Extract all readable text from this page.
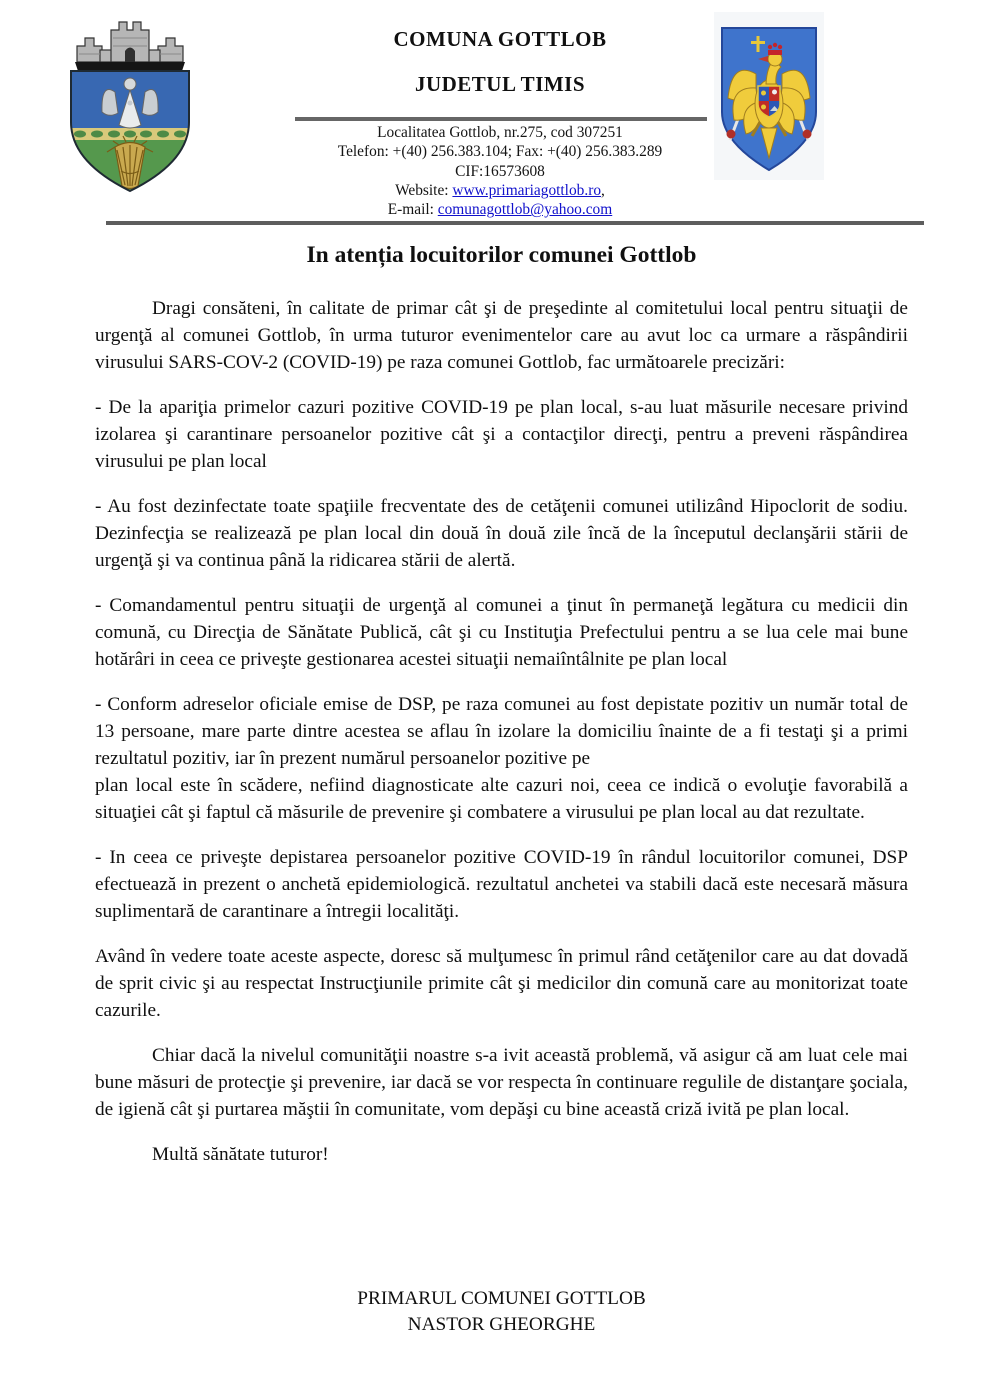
COMUNA GOTTLOB
JUDETUL TIMIS
Localitatea Gottlob, nr.275, cod 307251
Telefon: +(40) 256.383.104; Fax: +(40) 256.383.289
CIF:16573608
Website: www.primariagottlob.ro,
E-mail: comunagottlob@yahoo.com
In atenția locuitorilor comunei Gottlob

Dragi consăteni, în calitate de primar cât şi de preşedinte al comitetului local pentru situaţii de urgenţă al comunei Gottlob, în urma tuturor evenimentelor care au avut loc ca urmare a răspândirii virusului SARS-COV-2 (COVID-19) pe raza comunei Gottlob, fac următoarele precizări:

- De la apariţia primelor cazuri pozitive COVID-19 pe plan local, s-au luat măsurile necesare privind izolarea şi carantinare persoanelor pozitive cât şi a contacţilor direcţi, pentru a preveni răspândirea virusului pe plan local

- Au fost dezinfectate toate spaţiile frecventate des de cetăţenii comunei utilizând Hipoclorit de sodiu. Dezinfecţia se realizează pe plan local din două în două zile încă de la începutul declanşării stării de urgenţă şi va continua până la ridicarea stării de alertă.

- Comandamentul pentru situaţii de urgenţă al comunei a ţinut în permaneţă legătura cu medicii din comună, cu Direcţia de Sănătate Publică, cât şi cu Instituţia Prefectului pentru a se lua cele mai bune hotărâri in ceea ce priveşte gestionarea acestei situaţii nemaiîntâlnite pe plan local

- Conform adreselor oficiale emise de DSP, pe raza comunei au fost depistate pozitiv un număr total de 13 persoane, mare parte dintre acestea se aflau în izolare la domiciliu înainte de a fi testaţi şi a primi rezultatul pozitiv, iar în prezent numărul persoanelor pozitive pe
plan local este în scădere, nefiind diagnosticate alte cazuri noi, ceea ce indică o evoluţie favorabilă a situaţiei cât şi faptul că măsurile de prevenire şi combatere a virusului pe plan local au dat rezultate.

- In ceea ce priveşte depistarea persoanelor pozitive COVID-19 în rândul locuitorilor comunei, DSP efectuează in prezent o anchetă epidemiologică. rezultatul anchetei va stabili dacă este necesară măsura suplimentară de carantinare a întregii localităţi.

Având în vedere toate aceste aspecte, doresc să mulţumesc în primul rând cetăţenilor care au dat dovadă de sprit civic şi au respectat Instrucţiunile primite cât şi medicilor din comună care au monitorizat toate cazurile.

Chiar dacă la nivelul comunităţii noastre s-a ivit această problemă, vă asigur că am luat cele mai bune măsuri de protecţie şi prevenire, iar dacă se vor respecta în continuare regulile de distanţare şociala, de igienă cât şi purtarea măştii în comunitate, vom depăşi cu bine această criză ivită pe plan local.

Multă sănătate tuturor!

PRIMARUL COMUNEI GOTTLOB
NASTOR GHEORGHE
